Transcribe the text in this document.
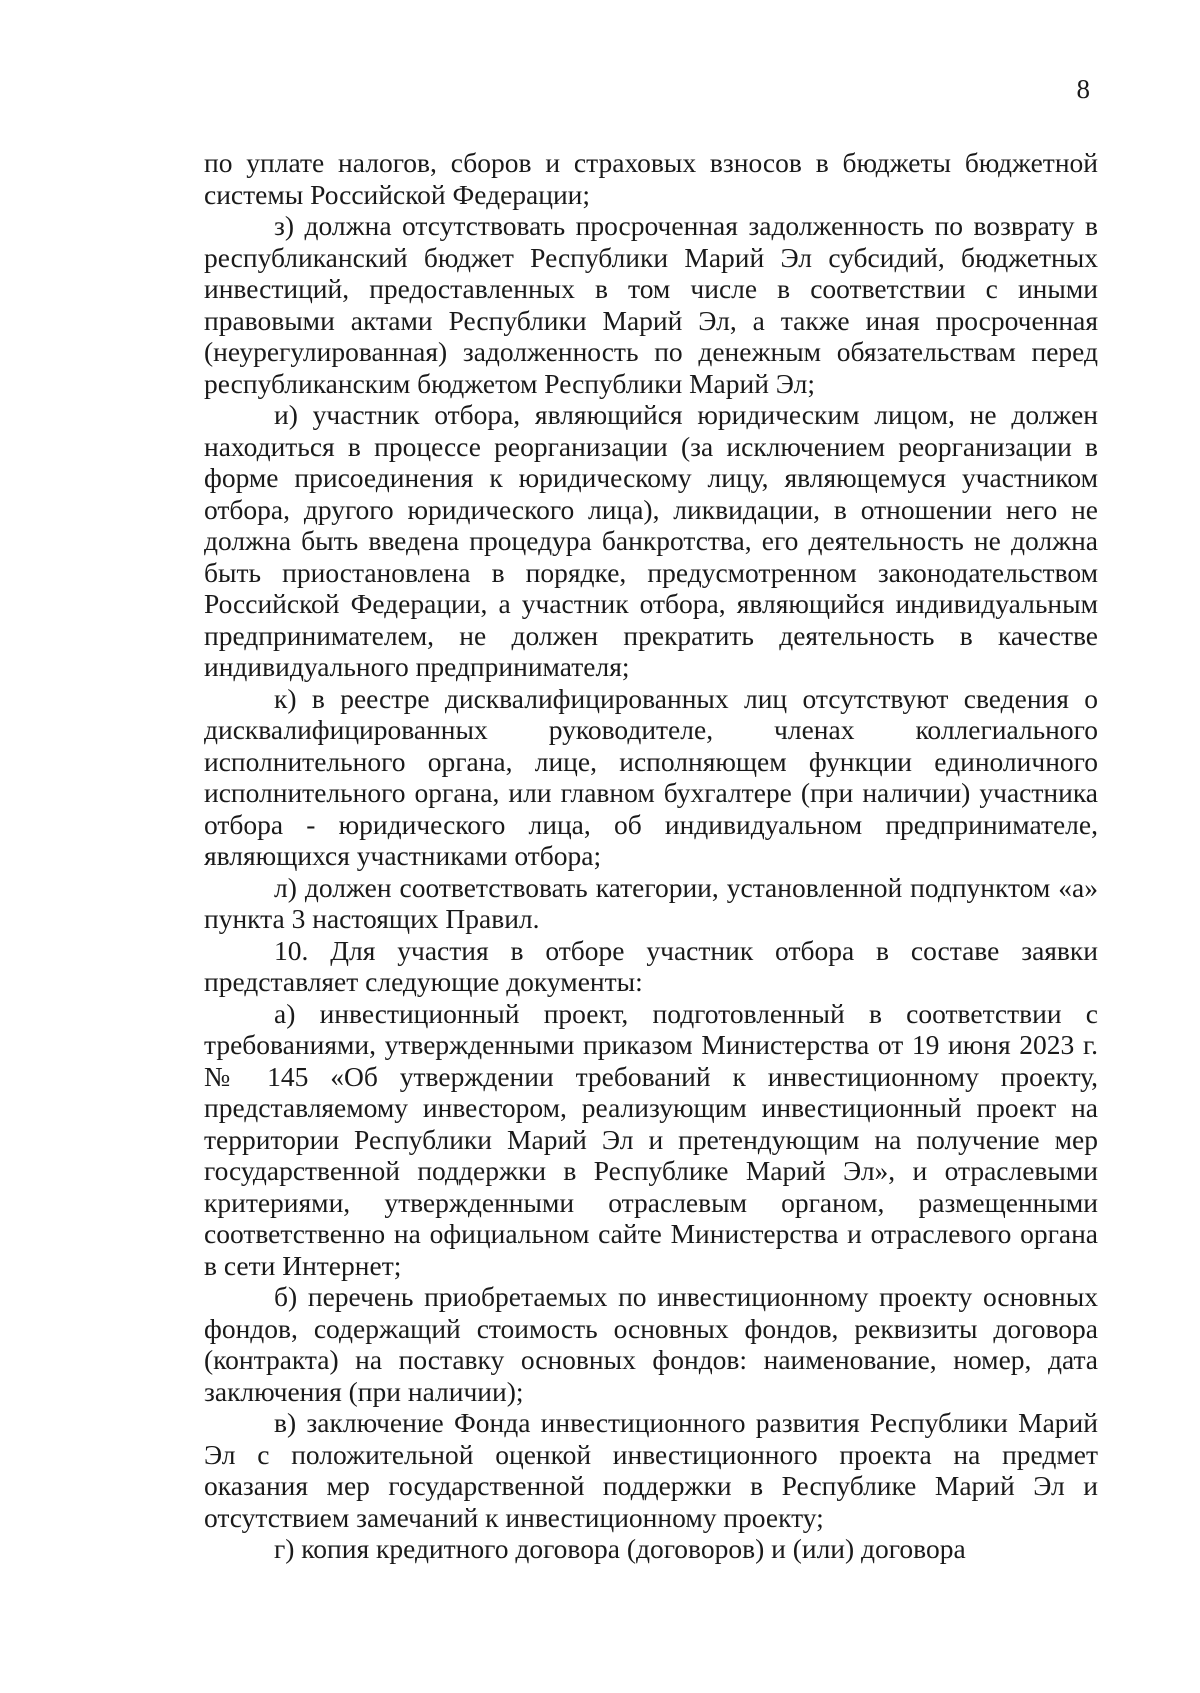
8

по уплате налогов, сборов и страховых взносов в бюджеты бюджетной системы Российской Федерации;

з) должна отсутствовать просроченная задолженность по возврату в республиканский бюджет Республики Марий Эл субсидий, бюджетных инвестиций, предоставленных в том числе в соответствии с иными правовыми актами Республики Марий Эл, а также иная просроченная (неурегулированная) задолженность по денежным обязательствам перед республиканским бюджетом Республики Марий Эл;

и) участник отбора, являющийся юридическим лицом, не должен находиться в процессе реорганизации (за исключением реорганизации в форме присоединения к юридическому лицу, являющемуся участником отбора, другого юридического лица), ликвидации, в отношении него не должна быть введена процедура банкротства, его деятельность не должна быть приостановлена в порядке, предусмотренном законодательством Российской Федерации, а участник отбора, являющийся индивидуальным предпринимателем, не должен прекратить деятельность в качестве индивидуального предпринимателя;

к) в реестре дисквалифицированных лиц отсутствуют сведения о дисквалифицированных руководителе, членах коллегиального исполнительного органа, лице, исполняющем функции единоличного исполнительного органа, или главном бухгалтере (при наличии) участника отбора - юридического лица, об индивидуальном предпринимателе, являющихся участниками отбора;

л) должен соответствовать категории, установленной подпунктом «а» пункта 3 настоящих Правил.

10. Для участия в отборе участник отбора в составе заявки представляет следующие документы:

а) инвестиционный проект, подготовленный в соответствии с требованиями, утвержденными приказом Министерства от 19 июня 2023 г. № 145 «Об утверждении требований к инвестиционному проекту, представляемому инвестором, реализующим инвестиционный проект на территории Республики Марий Эл и претендующим на получение мер государственной поддержки в Республике Марий Эл», и отраслевыми критериями, утвержденными отраслевым органом, размещенными соответственно на официальном сайте Министерства и отраслевого органа в сети Интернет;

б) перечень приобретаемых по инвестиционному проекту основных фондов, содержащий стоимость основных фондов, реквизиты договора (контракта) на поставку основных фондов: наименование, номер, дата заключения (при наличии);

в) заключение Фонда инвестиционного развития Республики Марий Эл с положительной оценкой инвестиционного проекта на предмет оказания мер государственной поддержки в Республике Марий Эл и отсутствием замечаний к инвестиционному проекту;

г) копия кредитного договора (договоров) и (или) договора
